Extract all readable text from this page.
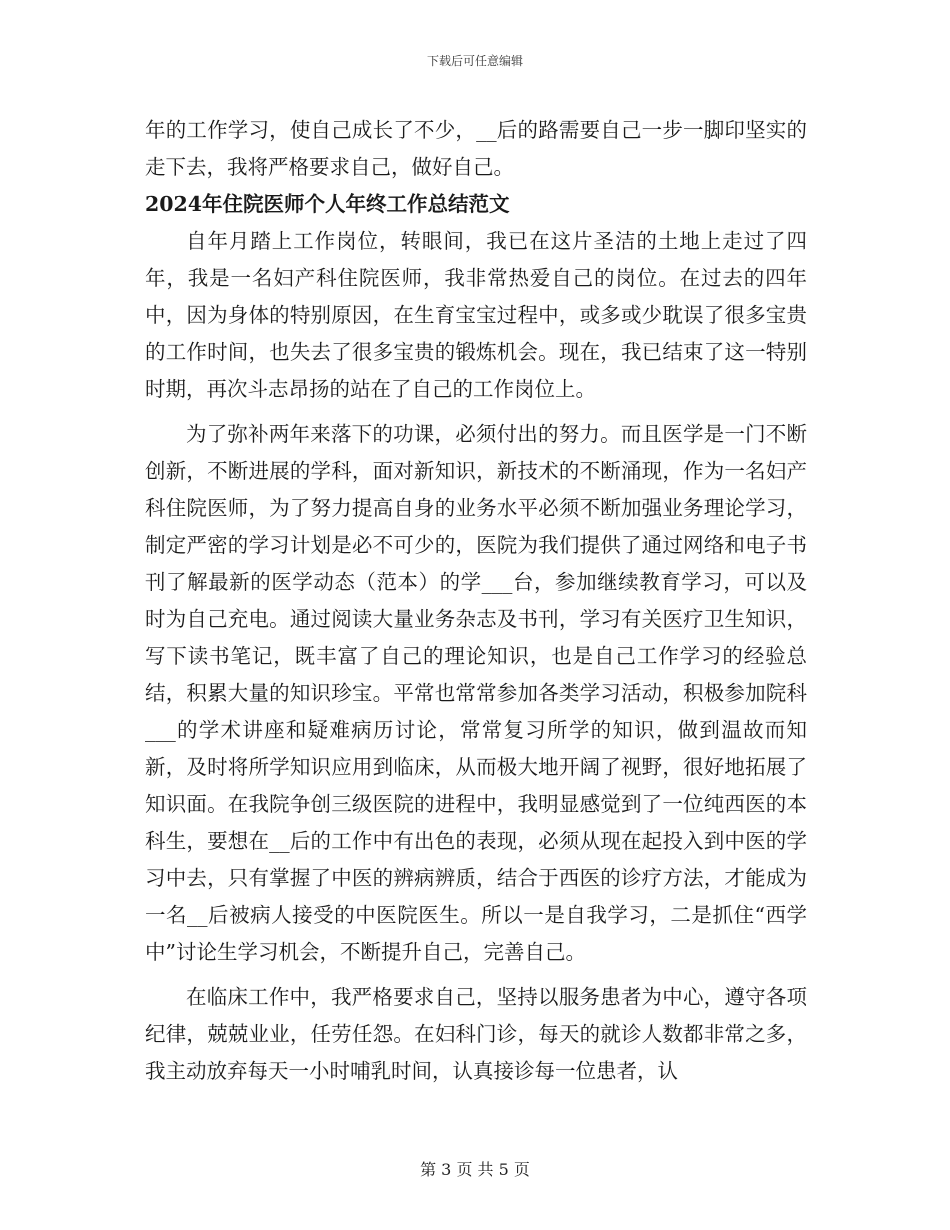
下载后可任意编辑

年的工作学习，使自己成长了不少，__后的路需要自己一步一脚印坚实的走下去，我将严格要求自己，做好自己。

2024年住院医师个人年终工作总结范文

自年月踏上工作岗位，转眼间，我已在这片圣洁的土地上走过了四年，我是一名妇产科住院医师，我非常热爱自己的岗位。在过去的四年中，因为身体的特别原因，在生育宝宝过程中，或多或少耽误了很多宝贵的工作时间，也失去了很多宝贵的锻炼机会。现在，我已结束了这一特别时期，再次斗志昂扬的站在了自己的工作岗位上。

为了弥补两年来落下的功课，必须付出的努力。而且医学是一门不断创新，不断进展的学科，面对新知识，新技术的不断涌现，作为一名妇产科住院医师，为了努力提高自身的业务水平必须不断加强业务理论学习，制定严密的学习计划是必不可少的，医院为我们提供了通过网络和电子书刊了解最新的医学动态（范本）的学___台，参加继续教育学习，可以及时为自己充电。通过阅读大量业务杂志及书刊，学习有关医疗卫生知识，写下读书笔记，既丰富了自己的理论知识，也是自己工作学习的经验总结，积累大量的知识珍宝。平常也常常参加各类学习活动，积极参加院科___的学术讲座和疑难病历讨论，常常复习所学的知识，做到温故而知新，及时将所学知识应用到临床，从而极大地开阔了视野，很好地拓展了知识面。在我院争创三级医院的进程中，我明显感觉到了一位纯西医的本科生，要想在__后的工作中有出色的表现，必须从现在起投入到中医的学习中去，只有掌握了中医的辨病辨质，结合于西医的诊疗方法，才能成为一名__后被病人接受的中医院医生。所以一是自我学习，二是抓住“西学中”讨论生学习机会，不断提升自己，完善自己。

在临床工作中，我严格要求自己，坚持以服务患者为中心，遵守各项纪律，兢兢业业，任劳任怨。在妇科门诊，每天的就诊人数都非常之多，我主动放弃每天一小时哺乳时间，认真接诊每一位患者，认

第 3 页 共 5 页
